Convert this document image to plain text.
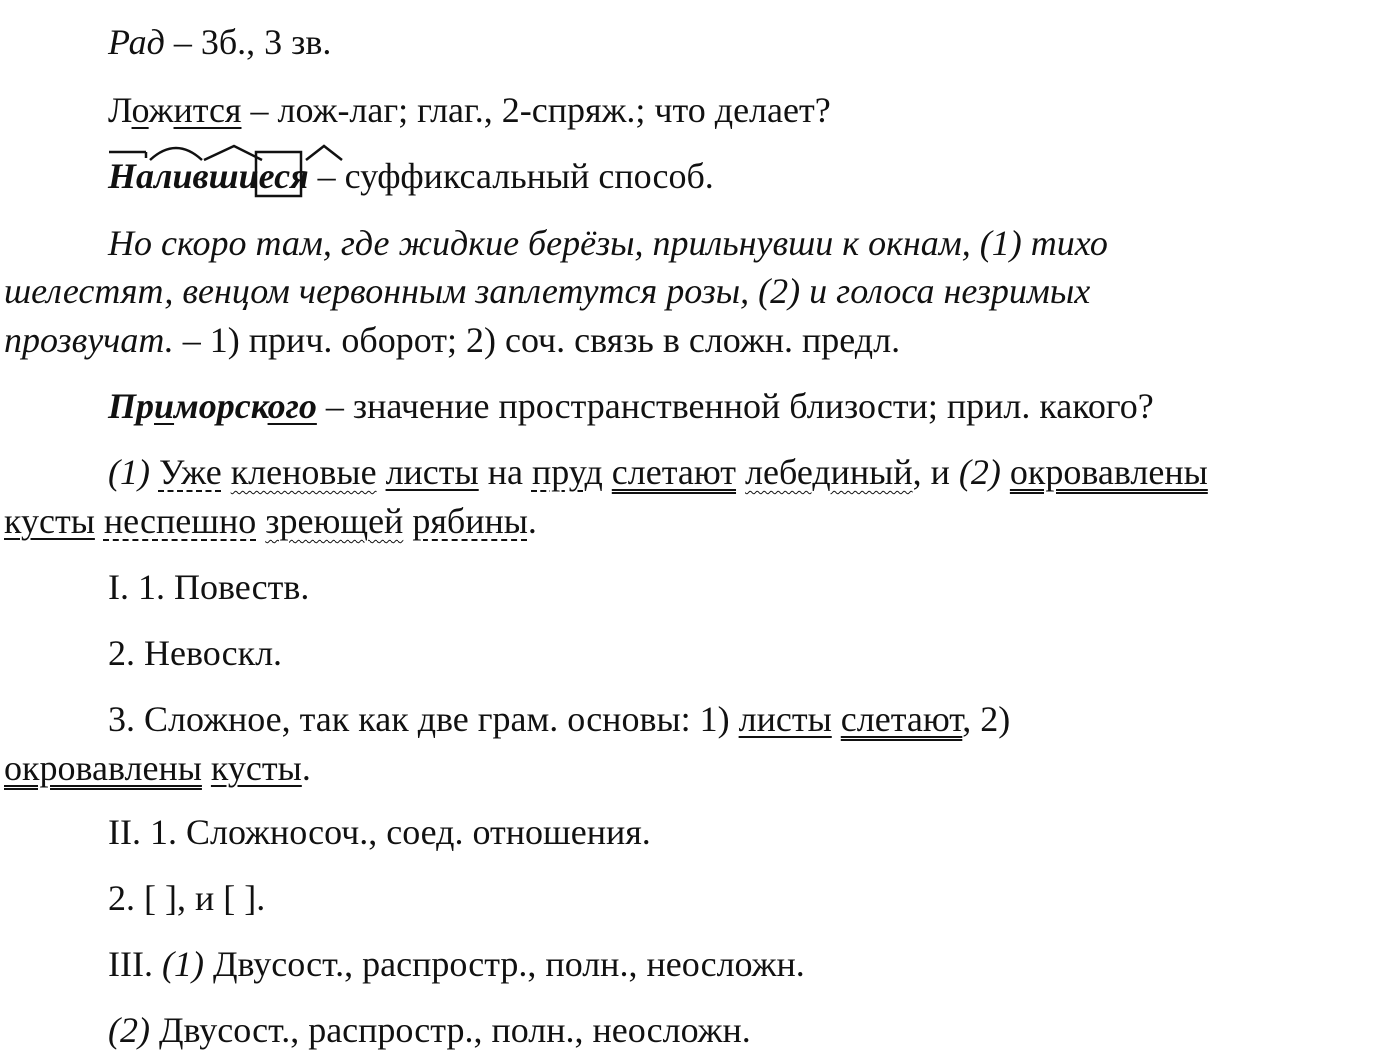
Рад – 3б., 3 зв.
Ложится – лож-лаг; глаг., 2-спряж.; что делает?
Налившиеся – суффиксальный способ.
Но скоро там, где жидкие берёзы, прильнувши к окнам, (1) тихо
шелестят, венцом червонным заплетутся розы, (2) и голоса незримых
прозвучат. – 1) прич. оборот; 2) соч. связь в сложн. предл.
Приморского – значение пространственной близости; прил. какого?
(1) Уже кленовые листы на пруд слетают лебединый, и (2) окровавлены
кусты неспешно зреющей рябины.
I. 1. Повеств.
2. Невоскл.
3. Сложное, так как две грам. основы: 1) листы слетают, 2)
окровавлены кусты.
II. 1. Сложносоч., соед. отношения.
2. [ ], и [ ].
III. (1) Двусост., распростр., полн., неосложн.
(2) Двусост., распростр., полн., неосложн.
